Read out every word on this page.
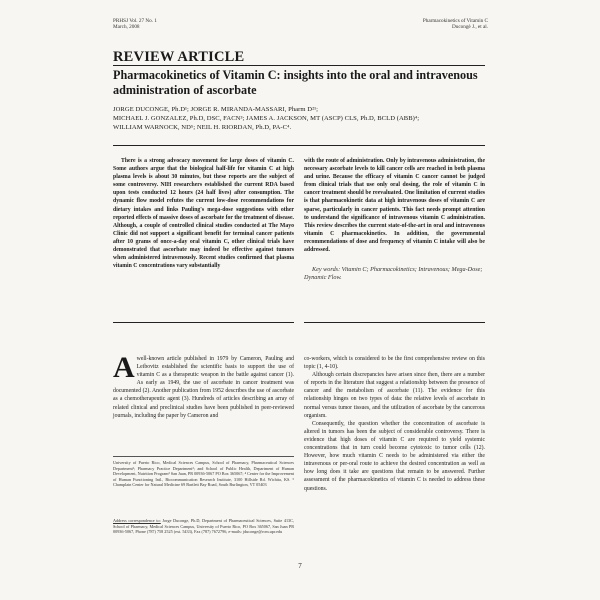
PRHSJ Vol. 27 No. 1
March, 2008
Pharmacokinetics of Vitamin C
Ducongè J., et al.
REVIEW ARTICLE
Pharmacokinetics of Vitamin C: insights into the oral and intravenous administration of ascorbate
JORGE DUCONGE, Ph.D¹; JORGE R. MIRANDA-MASSARI, Pharm D²¹;
MICHAEL J. GONZALEZ, Ph.D, DSC, FACN³; JAMES A. JACKSON, MT (ASCP) CLS, Ph.D, BCLD (ABB)⁴;
WILLIAM WARNOCK, ND⁵; NEIL H. RIORDAN, Ph.D, PA-C⁴.
There is a strong advocacy movement for large doses of vitamin C. Some authors argue that the biological half-life for vitamin C at high plasma levels is about 30 minutes, but these reports are the subject of some controversy. NIH researchers established the current RDA based upon tests conducted 12 hours (24 half lives) after consumption. The dynamic flow model refutes the current low-dose recommendations for dietary intakes and links Pauling's mega-dose suggestions with other reported effects of massive doses of ascorbate for the treatment of disease. Although, a couple of controlled clinical studies conducted at The Mayo Clinic did not support a significant benefit for terminal cancer patients after 10 grams of once-a-day oral vitamin C, other clinical trials have demonstrated that ascorbate may indeed be effective against tumors when administered intravenously. Recent studies confirmed that plasma vitamin C concentrations vary substantially
with the route of administration. Only by intravenous administration, the necessary ascorbate levels to kill cancer cells are reached in both plasma and urine. Because the efficacy of vitamin C cancer cannot be judged from clinical trials that use only oral dosing, the role of vitamin C in cancer treatment should be reevaluated. One limitation of current studies is that pharmacokinetic data at high intravenous doses of vitamin C are sparse, particularly in cancer patients. This fact needs prompt attention to understand the significance of intravenous vitamin C administration. This review describes the current state-of-the-art in oral and intravenous vitamin C pharmacokinetics. In addition, the governmental recommendations of dose and frequency of vitamin C intake will also be addressed.
Key words: Vitamin C; Pharmacokinetics; Intravenous; Mega-Dose; Dynamic Flow.

Awell-known article published in 1979 by Cameron, Pauling and Leibovitz established the scientific basis to support the use of vitamin C as a therapeutic weapon in the battle against cancer (1). As early as 1949, the use of ascorbate in cancer treatment was documented (2). Another publication from 1952 describes the use of ascorbate as a chemotherapeutic agent (3). Hundreds of articles describing an array of related clinical and preclinical studies have been published in peer-reviewed journals, including the paper by Cameron and

co-workers, which is considered to be the first comprehensive review on this topic (1, 4-10).

Although certain discrepancies have arisen since then, there are a number of reports in the literature that suggest a relationship between the presence of cancer and the metabolism of ascorbate (11). The evidence for this relationship hinges on two types of data: the relative levels of ascorbate in normal versus tumor tissues, and the utilization of ascorbate by the cancerous organism.

Consequently, the question whether the concentration of ascorbate is altered in tumors has been the subject of considerable controversy. There is evidence that high doses of vitamin C are required to yield systemic concentrations that in turn could become cytotoxic to tumor cells (12). However, how much vitamin C needs to be administered via either the intravenous or per-oral route to achieve the desired concentration as well as how long does it take are questions that remain to be answered. Further assessment of the pharmacokinetics of vitamin C is needed to address these questions.

University of Puerto Rico, Medical Sciences Campus, School of Pharmacy, Pharmaceutical Sciences Department¹; Pharmacy Practice Department²; and School of Public Health, Department of Human Development, Nutrition Program³ San Juan, PR 00936-5067 PO Box 365067; ⁴ Center for the Improvement of Human Functioning Intl., Biocommunication Research Institute, 3100 Hillside Rd. Wichita, KS. ⁵ Champlain Center for Natural Medicine 69 Bartlett Bay Road, South Burlington, VT 05403
Address correspondence to: Jorge Duconge, Ph.D, Department of Pharmaceutical Sciences, Suite 413C, School of Pharmacy, Medical Sciences Campus, University of Puerto Rico, PO Box 365067, San Juan PR 00936-5067, Phone (787) 758 2525 (ext. 5433), Fax (787) 7672796, e-mails: jduconge@rcm.upr.edu
7
